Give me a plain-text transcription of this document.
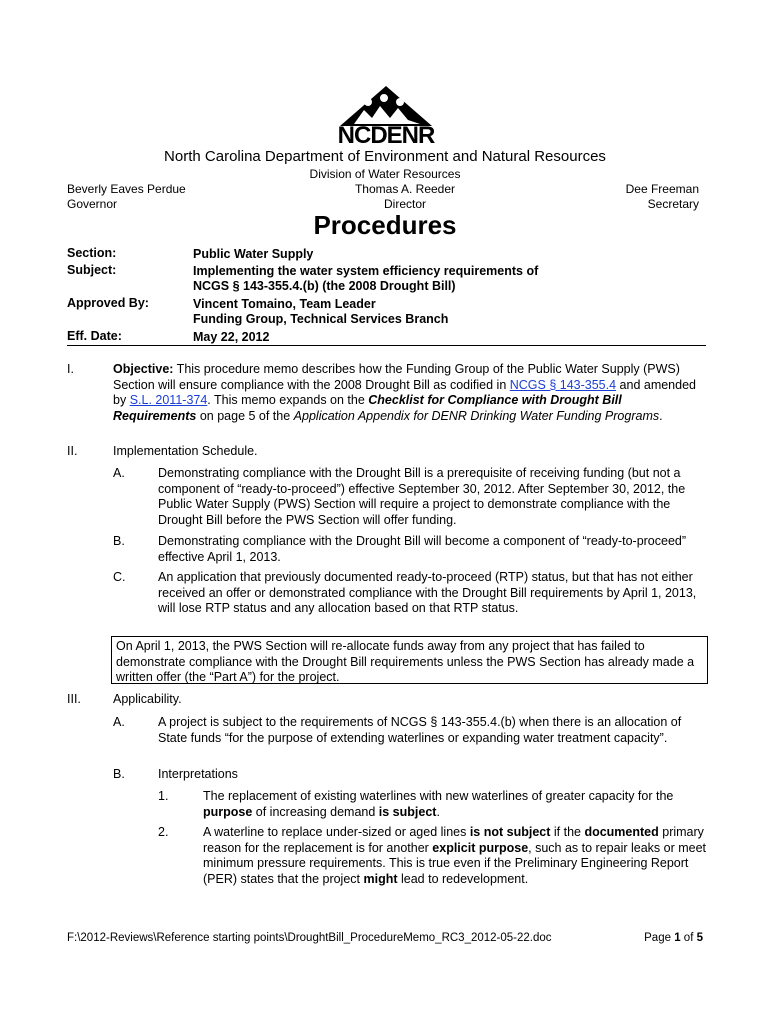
NCDENR
North Carolina Department of Environment and Natural Resources
Division of Water Resources
Beverly Eaves Perdue
Governor
Thomas A. Reeder
Director
Dee Freeman
Secretary
Procedures
Section:	Public Water Supply
Subject:	Implementing the water system efficiency requirements of
NCGS § 143-355.4.(b) (the 2008 Drought Bill)
Approved By:	Vincent Tomaino, Team Leader
Funding Group, Technical Services Branch
Eff. Date:	May 22, 2012
I.	Objective: This procedure memo describes how the Funding Group of the Public Water Supply (PWS) Section will ensure compliance with the 2008 Drought Bill as codified in NCGS § 143-355.4 and amended by S.L. 2011-374. This memo expands on the Checklist for Compliance with Drought Bill Requirements on page 5 of the Application Appendix for DENR Drinking Water Funding Programs.
II.	Implementation Schedule.
A.	Demonstrating compliance with the Drought Bill is a prerequisite of receiving funding (but not a component of “ready-to-proceed”) effective September 30, 2012. After September 30, 2012, the Public Water Supply (PWS) Section will require a project to demonstrate compliance with the Drought Bill before the PWS Section will offer funding.
B.	Demonstrating compliance with the Drought Bill will become a component of “ready-to-proceed” effective April 1, 2013.
C.	An application that previously documented ready-to-proceed (RTP) status, but that has not either received an offer or demonstrated compliance with the Drought Bill requirements by April 1, 2013, will lose RTP status and any allocation based on that RTP status.
On April 1, 2013, the PWS Section will re-allocate funds away from any project that has failed to demonstrate compliance with the Drought Bill requirements unless the PWS Section has already made a written offer (the “Part A”) for the project.
III.	Applicability.
A.	A project is subject to the requirements of NCGS § 143-355.4.(b) when there is an allocation of State funds “for the purpose of extending waterlines or expanding water treatment capacity”.
B.	Interpretations
1.	The replacement of existing waterlines with new waterlines of greater capacity for the purpose of increasing demand is subject.
2.	A waterline to replace under-sized or aged lines is not subject if the documented primary reason for the replacement is for another explicit purpose, such as to repair leaks or meet minimum pressure requirements. This is true even if the Preliminary Engineering Report (PER) states that the project might lead to redevelopment.
F:\2012-Reviews\Reference starting points\DroughtBill_ProcedureMemo_RC3_2012-05-22.doc	Page 1 of 5
